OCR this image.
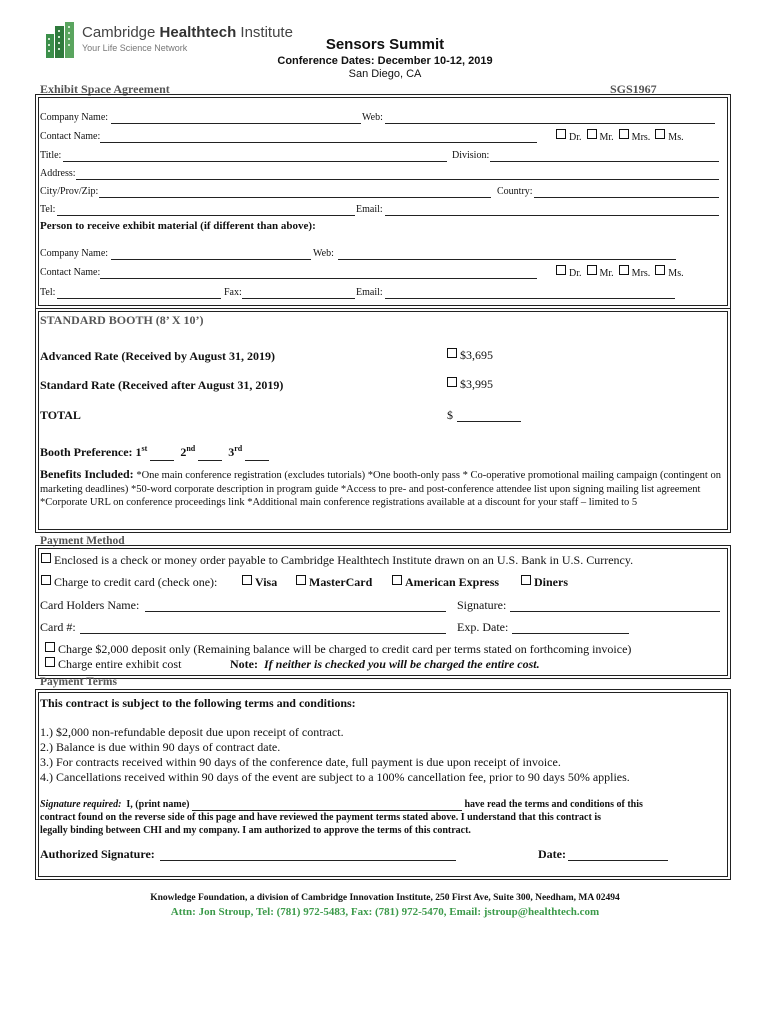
Cambridge Healthtech Institute
Your Life Science Network	Sensors Summit
Conference Dates: December 10-12, 2019
San Diego, CA
Exhibit Space Agreement	SGS1967
Company Name:	Web:
Contact Name:	Dr. Mr. Mrs. Ms.
Title:	Division:
Address:
City/Prov/Zip:	Country:
Tel:	Email:
Person to receive exhibit material (if different than above):
Company Name:	Web:
Contact Name:	Dr. Mr. Mrs. Ms.
Tel:	Fax:	Email:
STANDARD BOOTH (8’ X 10’)
Advanced Rate (Received by August 31, 2019)	$3,695
Standard Rate (Received after August 31, 2019)	$3,995
TOTAL	$
Booth Preference: 1st	2nd	3rd
Benefits Included: *One main conference registration (excludes tutorials) *One booth-only pass * Co-operative promotional mailing campaign (contingent on marketing deadlines) *50-word corporate description in program guide *Access to pre- and post-conference attendee list upon signing mailing list agreement *Corporate URL on conference proceedings link *Additional main conference registrations available at a discount for your staff – limited to 5
Payment Method
Enclosed is a check or money order payable to Cambridge Healthtech Institute drawn on an U.S. Bank in U.S. Currency.
Charge to credit card (check one):	Visa	MasterCard	American Express	Diners
Card Holders Name:	Signature:
Card #:	Exp. Date:
Charge $2,000 deposit only (Remaining balance will be charged to credit card per terms stated on forthcoming invoice)
Charge entire exhibit cost	Note: If neither is checked you will be charged the entire cost.
Payment Terms
This contract is subject to the following terms and conditions:
1.) $2,000 non-refundable deposit due upon receipt of contract.
2.) Balance is due within 90 days of contract date.
3.) For contracts received within 90 days of the conference date, full payment is due upon receipt of invoice.
4.) Cancellations received within 90 days of the event are subject to a 100% cancellation fee, prior to 90 days 50% applies.
Signature required: I, (print name)	have read the terms and conditions of this
contract found on the reverse side of this page and have reviewed the payment terms stated above. I understand that this contract is
legally binding between CHI and my company. I am authorized to approve the terms of this contract.
Authorized Signature:	Date:
Knowledge Foundation, a division of Cambridge Innovation Institute, 250 First Ave, Suite 300, Needham, MA 02494
Attn: Jon Stroup, Tel: (781) 972-5483, Fax: (781) 972-5470, Email: jstroup@healthtech.com
